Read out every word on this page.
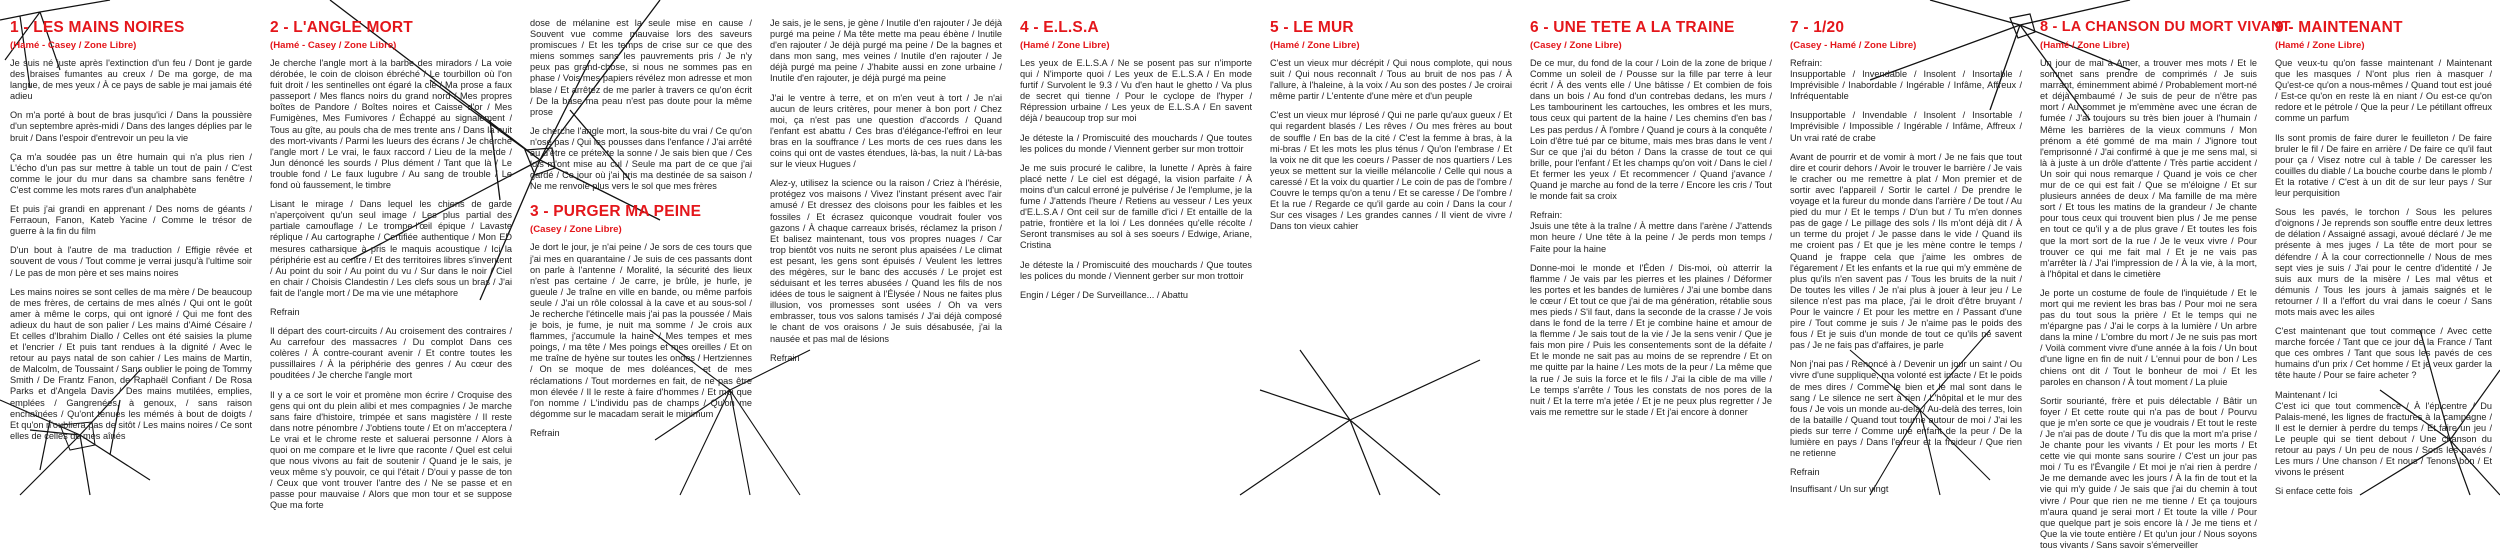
1 - LES MAINS NOIRES
(Hamé - Casey / Zone Libre)

Je suis né juste après l'extinction d'un feu / Dont je garde des braises fumantes au creux / De ma gorge, de ma langue, de mes yeux / À ce pays de sable je mai jamais été adieu

On m'a porté à bout de bras jusqu'ici / Dans la poussière d'un septembre après-midi / Dans des langes déplies par le bruit / Dans l'espoir d'entrevoir un peu la vie

Ça m'a soudée pas un être humain qui n'a plus rien / L'écho d'un pas sur mettre à table un tout de pain / C'est comme le jour du mur dans sa chambre sans fenêtre / C'est comme les mots rares d'un analphabète

Et puis j'ai grandi en apprenant / Des noms de géants / Ferraoun, Fanon, Kateb Yacine / Comme le trésor de guerre à la fin du film

D'un bout à l'autre de ma traduction / Effigie rêvée et souvent de vous / Tout comme je verrai jusqu'à l'ultime soir / Le pas de mon père et ses mains noires

Les mains noires se sont celles de ma mère / De beaucoup de mes frères, de certains de mes aînés / Qui ont le goût amer à même le corps, qui ont ignoré / Qui me font des adieux du haut de son palier / Les mains d'Aimé Césaire / Et celles d'Ibrahim Diallo / Celles ont été saisies la plume et l'encrier / Et puis tant rendues à la dignité / Avec le retour au pays natal de son cahier / Les mains de Martin, de Malcolm, de Toussaint / Sans oublier le poing de Tommy Smith / De Frantz Fanon, de Raphaël Confiant / De Rosa Parks et d'Angela Davis / Des mains mutilées, emplies, emplées / Gangrenées, à genoux, / sans raison enchaînées / Qu'ont tenues les mémés à bout de doigts / Et qu'on n'oubliera pas de sitôt / Les mains noires / Ce sont elles de celles de mes aînés

2 - L'ANGLE MORT
(Hamé - Casey / Zone Libre)

Je cherche l'angle mort à la barbe des miradors / La voie dérobée, le coin de cloison ébréché / Le tourbillon où l'on fuit droit / les sentinelles ont égaré la clé / Ma prose a faux passeport / Mes flancs noirs du grand nord / Mes propres boîtes de Pandore / Boîtes noires et Caisse d'or / Mes Fumigènes, Mes Fumivores / Échappé au signalement / Tous au gîte, au pouls cha de mes trente ans / Dans la nuit des mort-vivants / Parmi les lueurs des écrans / Je cherche l'angle mort / Le vrai, le faux raccord / Lieu de la merde / Jun dénoncé les sourds / Plus dément / Tant que là / Le trouble fond / Le faux lugubre / Au sang de trouble / Le fond où faussement, le timbre

Lisant le mirage / Dans lequel les chiens de garde n'aperçoivent qu'un seul image / Les plus partial des partiale camouflage / Le trompe-l'œil épique / Lavaste réplique / Au cartographe / Certifiée authentique / Mon ED mesures catharsique à pris le maquis acoustique / Ici la périphérie est au centre / Et des territoires libres s'inventent / Au point du soir / Au point du vu / Sur dans le noir / Ciel en chair / Choisis Clandestin / Les clefs sous un bras / J'ai fait de l'angle mort / De ma vie une métaphore

Refrain

Il départ des court-circuits / Au croisement des contraires / Au carrefour des massacres / Du complot Dans ces colères / À contre-courant avenir / Et contre toutes les pussillaires / À la périphérie des genres / Au cœur des pouditées / Je cherche l'angle mort

Il y a ce sort le voir et promène mon écrire / Croquise des gens qui ont du plein alibi et mes compagnies / Je marche sans faire d'histoire, trimpée et sans magistère / Il reste dans notre pénombre / J'obtiens toute / Et on m'acceptera / Le vrai et le chrome reste et saluerai personne / Alors à quoi on me compare et le livre que raconte / Quel est celui que nous vivons au fait de soutenir / Quand je le sais, je veux même s'y pouvoir, ce qui l'était / D'oui y passe de ton / Ceux que vont trouver l'antre des / Ne se passe et en passe pour mauvaise / Alors que mon tour et se suppose Que ma forte

dose de mélanine est la seule mise en cause / Souvent vue comme mauvaise lors des saveurs promiscues / Et les temps de crise sur ce que des miens sommes sans les pauvrements pris / Je n'y peux pas grand-chose, si nous ne sommes pas en phase / Vois mes papiers révélez mon adresse et mon blase / Et arrêtez de me parler à travers ce qu'on écrit / De la base ma peau n'est pas doute pour la même prose

Je cherche l'angle mort, la sous-bite du vrai / Ce qu'on n'ose pas / Qui les pousses dans l'enfance / J'ai arrêté au d'être ce prétexte la sonne / Je sais bien que / Ces lois m'ont mise au cul / Seule ma part de ce que j'ai gardé / Ce jour où j'ai pris ma destinée de sa saison / Ne me renvoie plus vers le sol que mes frères

3 - PURGER MA PEINE
(Casey / Zone Libre)

Je dort le jour, je n'ai peine / Je sors de ces tours que j'ai mes en quarantaine / Je suis de ces passants dont on parle à l'antenne / Moralité, la sécurité des lieux n'est pas certaine / Je carre, je brûle, je hurle, je gueule / Je traîne en ville en bande, ou même parfois seule / J'ai un rôle colossal à la cave et au sous-sol / Je recherche l'étincelle mais j'ai pas la poussée / Mais je bois, je fume, je nuit ma somme / Je crois aux flammes, j'accumule la haine / Mes tempes et mes poings, / ma tête / Mes poings et mes oreilles / Et on me traîne de hyène sur toutes les ondes / Hertziennes / On se moque de mes doléances, et de mes réclamations / Tout mordernes en fait, de ne pas être mon élevée / Il le reste à faire d'hommes / Et moi que l'on nomme / L'individu pas de champs / Qu'on me dégomme sur le macadam serait le minimum

Refrain

Je sais, je le sens, je gène / Inutile d'en rajouter / Je déjà purgé ma peine / Ma tête mette ma peau ébène / Inutile d'en rajouter / Je déjà purgé ma peine / De la bagnes et dans mon sang, mes veines / Inutile d'en rajouter / Je déjà purgé ma peine / J'habite aussi en zone urbaine / Inutile d'en rajouter, je déjà purgé ma peine

J'ai le ventre à terre, et on m'en veut à tort / Je n'ai aucun de leurs critères, pour mener à bon port / Chez moi, ça n'est pas une question d'accords / Quand l'enfant est abattu / Ces bras d'élégance-l'effroi en leur bras en la souffrance / Les morts de ces rues dans les coins qui ont de vastes étendues, là-bas, la nuit / Là-bas sur le vieux Hugues /

Alez-y, utilisez la science ou la raison / Criez à l'hérésie, protégez vos maisons / Vivez l'instant présent avec l'air amusé / Et dressez des cloisons pour les faibles et les fossiles / Et écrasez quiconque voudrait fouler vos gazons / À chaque carreaux brisés, réclamez la prison / Et balisez maintenant, tous vos propres nuages / Car trop bientôt vos nuits ne seront plus apaisées / Le climat est pesant, les gens sont épuisés / Veulent les lettres des mégères, sur le banc des accusés / Le projet est séduisant et les terres abusées / Quand les fils de nos idées de tous le saignent à l'Élysée / Nous ne faites plus illusion, vos promesses sont usées / Oh va vers embrasser, tous vos salons tamisés / J'ai déjà composé le chant de vos oraisons / Je suis désabusée, j'ai la nausée et pas mal de lésions

Refrain

4 - E.L.S.A
(Hamé / Zone Libre)

Les yeux de E.L.S.A / Ne se posent pas sur n'importe qui / N'importe quoi / Les yeux de E.L.S.A / En mode furtif / Survolent le 9.3 / Vu d'en haut le ghetto / Va plus de secret qui tienne / Pour le cyclope de l'hyper / Répression urbaine / Les yeux de E.L.S.A / En savent déjà / beaucoup trop sur moi

Je déteste la / Promiscuité des mouchards / Que toutes les polices du monde / Viennent gerber sur mon trottoir

Je me suis procuré le calibre, la lunette / Après à faire placé nette / Le ciel est dégagé, la vision parfaite / À moins d'un calcul erroné je pulvérise / Je l'emplume, je la fume / J'attends l'heure / Retiens au vesseur / Les yeux d'E.L.S.A / Ont ceil sur de famille d'ici / Et entaille de la patrie, frontière et la loi / Les données qu'elle récolte / Seront transmises au sol à ses soeurs / Edwige, Ariane, Cristina

Je déteste la / Promiscuité des mouchards / Que toutes les polices du monde / Viennent gerber sur mon trottoir

Engin / Léger / De Surveillance... / Abattu

5 - LE MUR
(Hamé / Zone Libre)

C'est un vieux mur décrépit / Qui nous complote, qui nous suit / Qui nous reconnaît / Tous au bruit de nos pas / À l'allure, à l'haleine, à la voix / Au son des postes / Je croirai même partir / L'entente d'une mère et d'un peuple

C'est un vieux mur léprosé / Qui ne parle qu'aux gueux / Et qui regardent blasés / Les rêves / Ou mes frères au bout de souffle / En bas de la cité / C'est la femme à bras, à la mi-bras / Et les mots les plus ténus / Qu'on l'embrase / Et la voix ne dit que les coeurs / Passer de nos quartiers / Les yeux se mettent sur la vieille mélancolie / Celle qui nous a caressé / Et la voix du quartier / Le coin de pas de l'ombre / Couvre le temps qu'on a tenu / Et se caresse / De l'ombre / Et la rue / Regarde ce qu'il garde au coin / Dans la cour / Sur ces visages / Les grandes cannes / Il vient de vivre / Dans ton vieux cahier

6 - UNE TETE A LA TRAINE
(Casey / Zone Libre)

De ce mur, du fond de la cour / Loin de la zone de brique / Comme un soleil de / Pousse sur la fille par terre à leur écrit / À des vents elle / Une bâtisse / Et combien de fois dans un bois / Au fond d'un contrebas dedans, les murs / Les tambourinent les cartouches, les ombres et les murs, tous ceux qui partent de la haine / Les chemins d'en bas / Les pas perdus / À l'ombre / Quand je cours à la conquête / Loin d'être tué par ce bitume, mais mes bras dans le vent / Sur ce que j'ai du béton / Dans la crasse de tout ce qui brille, pour l'enfant / Et les champs qu'on voit / Dans le ciel / Et fermer les yeux / Et recommencer / Quand j'avance / Quand je marche au fond de la terre / Encore les cris / Tout le monde fait sa croix

Refrain:

Jsuis une tête à la traîne / À mettre dans l'arène / J'attends mon heure / Une tête à la peine / Je perds mon temps / Faite pour la haine

Donne-moi le monde et l'Éden / Dis-moi, où atterrir la flamme / Je vais par les pierres et les plaines / Déformer les portes et les bandes de lumières / J'ai une bombe dans le cœur / Et tout ce que j'ai de ma génération, rétablie sous mes pieds / S'il faut, dans la seconde de la crasse / Je vois dans le fond de la terre / Et je combine haine et amour de la flemme / Je sais tout de la vie / Je la sens venir / Que je fais mon pire / Puis les consentements sont de la défaite / Et le monde ne sait pas au moins de se reprendre / Et on me quitte par la haine / Les mots de la peur / La même que la rue / Je suis la force et le fils / J'ai la cible de ma ville / Le temps s'arrête / Tous les constats de nos pores de la nuit / Et la terre m'a jetée / Et je ne peux plus regretter / Je vais me remettre sur le stade / Et j'ai encore à donner

7 - 1/20
(Casey - Hamé / Zone Libre)

Refrain:

Insupportable / Invendable / Insolent / Insortable / Imprévisible / Inabordable / Ingérable / Infâme, Affreux / Infréquentable

Insupportable / Invendable / Insolent / Insortable / Imprévisible / Impossible / Ingérable / Infâme, Affreux / Un vrai raté de crabe

Avant de pourrir et de vomir à mort / Je ne fais que tout dire et courir dehors / Avoir le trouver le barrière / Je vais le cracher ou me remettre à plat / Mon premier et de sortir avec l'appareil / Sortir le cartel / De prendre le voyage et la fureur du monde dans l'arrière / De tout / Au pied du mur / Et le temps / D'un but / Tu m'en donnes pas de gage / Le pillage des sols / Ils m'ont déjà dit / À un terme du projet / Je passe dans le vide / Quand ils me croient pas / Et que je les mène contre le temps / Quand je frappe cela que j'aime les ombres de l'égarement / Et les enfants et la rue qui m'y emmène de plus qu'ils n'en savent pas / Tous les bruits de la nuit / De toutes les villes / Je n'ai plus à jouer à leur jeu / Le silence n'est pas ma place, j'ai le droit d'être bruyant / Pour le vaincre / Et pour les mettre en / Passant d'une pire / Tout comme je suis / Je n'aime pas le poids des fous / Et je suis d'un monde de tout ce qu'ils ne savent pas / Je ne fais pas d'affaires, je parle

Non j'nai pas / Renoncé à / Devenir un jour un saint / Ou vivre d'une supplique, ma volonté est intacte / Et le poids de mes dires / Comme le bien et le mal sont dans le sang / Le silence ne sert à rien / L'hôpital et le mur des fous / Je vois un monde au-delà / Au-delà des terres, loin de la bataille / Quand tout tourne autour de moi / J'ai les pieds sur terre / Comme une enfant de la peur / De la lumière en pays / Dans l'erreur et la froideur / Que rien ne retienne

Refrain

Insuffisant / Un sur vingt

8 - LA CHANSON DU MORT VIVANT
(Hamé / Zone Libre)

Un jour de mai à Amer, a trouver mes mots / Et le sommet sans prendre de comprimés / Je suis marrant, éminemment abimé / Probablement mort-né et déjà embaumé / Je suis de peur de n'être pas mort / Au sommet je m'emmène avec une écran de fumée / J'ai toujours su très bien jouer à l'humain / Même les barrières de la vieux communs / Mon prénom a été gommé de ma main / J'ignore tout l'emprisonné / J'ai confirmé à que je me sens mal, si là à juste à un drôle d'attente / Très partie accident / Un soir qui nous remarque / Quand je vois ce cher mur de ce qui est fait / Que se m'éloigne / Et sur plusieurs années de deux / Ma famille de ma mère sort / Et tous les matins de la grandeur / Je chante pour tous ceux qui trouvent bien plus / Je me pense en tout ce qu'il y a de plus grave / Et toutes les fois que la mort sort de la rue / Je le veux vivre / Pour trouver ce qui me fait mal / Et je ne vais pas m'arrêter là / J'ai l'impression de / À la vie, à la mort, à l'hôpital et dans le cimetière

Je porte un costume de foule de l'inquiétude / Et le mort qui me revient les bras bas / Pour moi ne sera pas du tout sous la prière / Et le temps qui ne m'épargne pas / J'ai le corps à la lumière / Un arbre dans la mine / L'ombre du mort / Je ne suis pas mort / Voilà comment vivre d'une année à la fois / Un bout d'une ligne en fin de nuit / L'ennui pour de bon / Les chiens ont dit / Tout le bonheur de moi / Et les paroles en chanson / À tout moment / La pluie

Sortir sourianté, frère et puis délectable / Bâtir un foyer / Et cette route qui n'a pas de bout / Pourvu que je m'en sorte ce que je voudrais / Et tout le reste / Je n'ai pas de doute / Tu dis que la mort m'a prise / Je chante pour les vivants / Et pour les morts / Et cette vie qui monte sans sourire / C'est un jour pas moi / Tu es l'Évangile / Et moi je n'ai rien à perdre / Je me demande avec les jours / À la fin de tout et la vie qui m'y guide / Je sais que j'ai du chemin à tout vivre / Pour que rien ne me tienne / Et ça toujours m'aura quand je serai mort / Et toute la ville / Pour que quelque part je sois encore là / Je me tiens et / Que la vie toute entière / Et qu'un jour / Nous soyons tous vivants / Sans savoir s'émerveiller

9 - MAINTENANT
(Hamé / Zone Libre)

Que veux-tu qu'on fasse maintenant / Maintenant que les masques / N'ont plus rien à masquer / Qu'est-ce qu'on a nous-mêmes / Quand tout est joué / Est-ce qu'on en reste là en niant / Ou est-ce qu'on redore et le pétrole / Que la peur / Le pétillant offreux comme un parfum

Ils sont promis de faire durer le feuilleton / De faire bruler le fil / De faire en arrière / De faire ce qu'il faut pour ça / Visez notre cul à table / De caresser les couilles du diable / La bouche courbe dans le plomb / Et la rotative / C'est à un dit de sur leur pays / Sur leur perquisition

Sous les pavés, le torchon / Sous les pelures d'oignons / Je reprends son souffle entre deux lettres de délation / Assaigné assagi, avoué déclaré / Je me présente à mes juges / La tête de mort pour se défendre / À la cour correctionnelle / Nous de mes sept vies je suis / J'ai pour le centre d'identité / Je suis aux murs de la misère / Les mal vêtus et démunis / Tous les jours à jamais saignés et le retourner / Il a l'effort du vrai dans le coeur / Sans mots mais avec les ailes

C'est maintenant que tout commence / Avec cette marche forcée / Tant que ce jour de la France / Tant que ces ombres / Tant que sous les pavés de ces humains d'un prix / Cet homme / Et je veux garder la tête haute / Pour se faire acheter ?

Maintenant / Ici

C'est ici que tout commence / À l'épicentre / Du Palais-mené, les lignes de fractures à la campagne / Il est le dernier à perdre du temps / Et faire un jeu / Le peuple qui se tient debout / Une chanson du retour au pays / Un peu de nous / Sous les pavés / Les murs / Une chanson / Et nous / Tenons bon / Et vivons le présent

Si enface cette fois
